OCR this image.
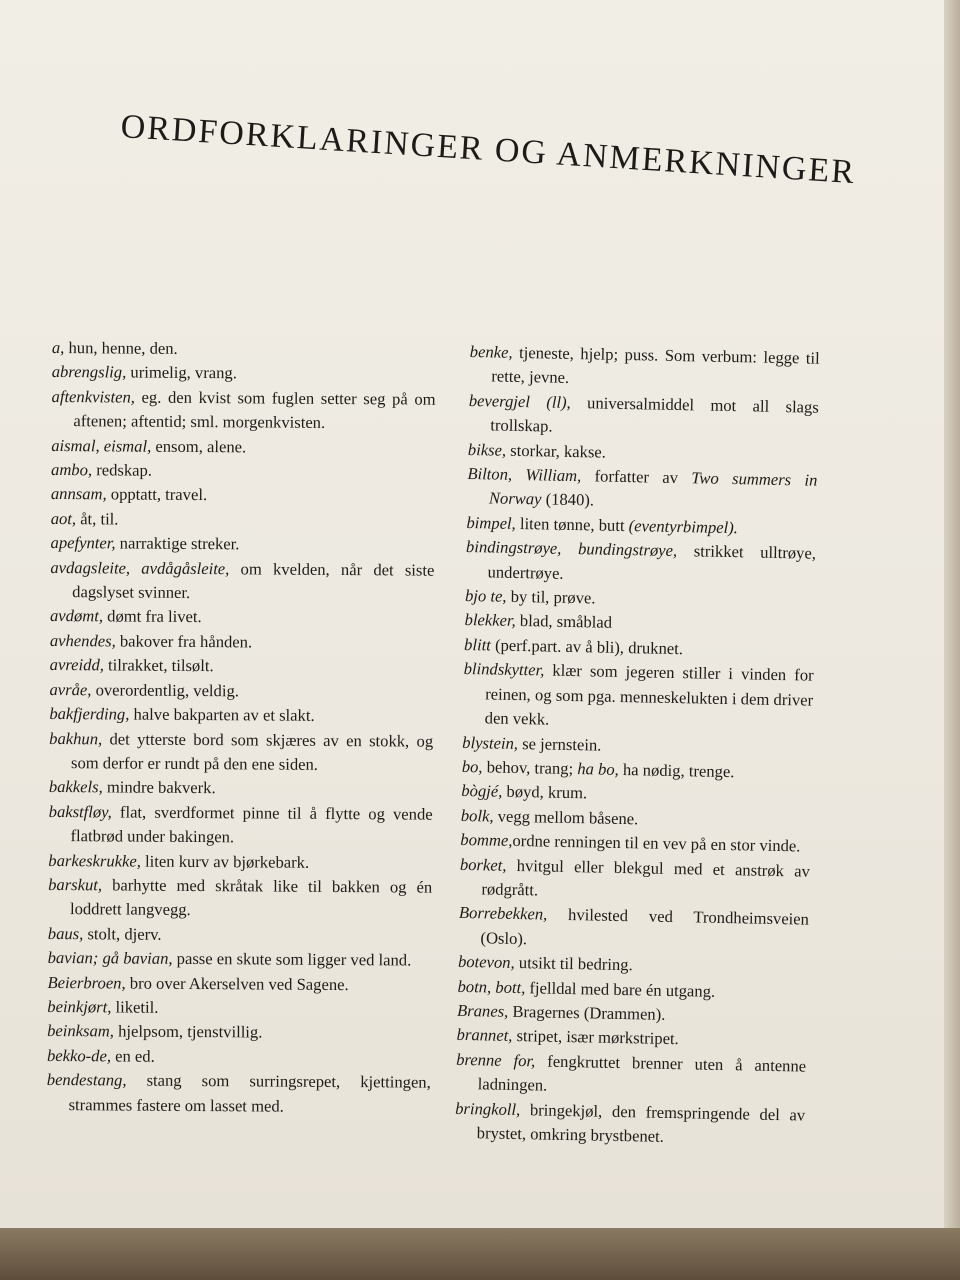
ORDFORKLARINGER OG ANMERKNINGER

a, hun, henne, den.

abrengslig, urimelig, vrang.

aftenkvisten, eg. den kvist som fuglen setter seg på om aftenen; aftentid; sml. morgenkvisten.

aismal, eismal, ensom, alene.

ambo, redskap.

annsam, opptatt, travel.

aot, åt, til.

apefynter, narraktige streker.

avdagsleite, avdågåsleite, om kvelden, når det siste dagslyset svinner.

avdømt, dømt fra livet.

avhendes, bakover fra hånden.

avreidd, tilrakket, tilsølt.

avråe, overordentlig, veldig.

bakfjerding, halve bakparten av et slakt.

bakhun, det ytterste bord som skjæres av en stokk, og som derfor er rundt på den ene siden.

bakkels, mindre bakverk.

bakstfløy, flat, sverdformet pinne til å flytte og vende flatbrød under bakingen.

barkeskrukke, liten kurv av bjørkebark.

barskut, barhytte med skråtak like til bakken og én loddrett langvegg.

baus, stolt, djerv.

bavian; gå bavian, passe en skute som ligger ved land.

Beierbroen, bro over Akerselven ved Sagene.

beinkjørt, liketil.

beinksam, hjelpsom, tjenstvillig.

bekko-de, en ed.

bendestang, stang som surringsrepet, kjettingen, strammes fastere om lasset med.

benke, tjeneste, hjelp; puss. Som verbum: legge til rette, jevne.

bevergjel (ll), universalmiddel mot all slags trollskap.

bikse, storkar, kakse.

Bilton, William, forfatter av Two summers in Norway (1840).

bimpel, liten tønne, butt (eventyrbimpel).

bindingstrøye, bundingstrøye, strikket ulltrøye, undertrøye.

bjo te, by til, prøve.

blekker, blad, småblad

blitt (perf.part. av å bli), druknet.

blindskytter, klær som jegeren stiller i vinden for reinen, og som pga. menneskelukten i dem driver den vekk.

blystein, se jernstein.

bo, behov, trang; ha bo, ha nødig, trenge.

bògjé, bøyd, krum.

bolk, vegg mellom båsene.

bomme,ordne renningen til en vev på en stor vinde.

borket, hvitgul eller blekgul med et anstrøk av rødgrått.

Borrebekken, hvilested ved Trondheimsveien (Oslo).

botevon, utsikt til bedring.

botn, bott, fjelldal med bare én utgang.

Branes, Bragernes (Drammen).

brannet, stripet, især mørkstripet.

brenne for, fengkruttet brenner uten å antenne ladningen.

bringkoll, bringekjøl, den fremspringende del av brystet, omkring brystbenet.
